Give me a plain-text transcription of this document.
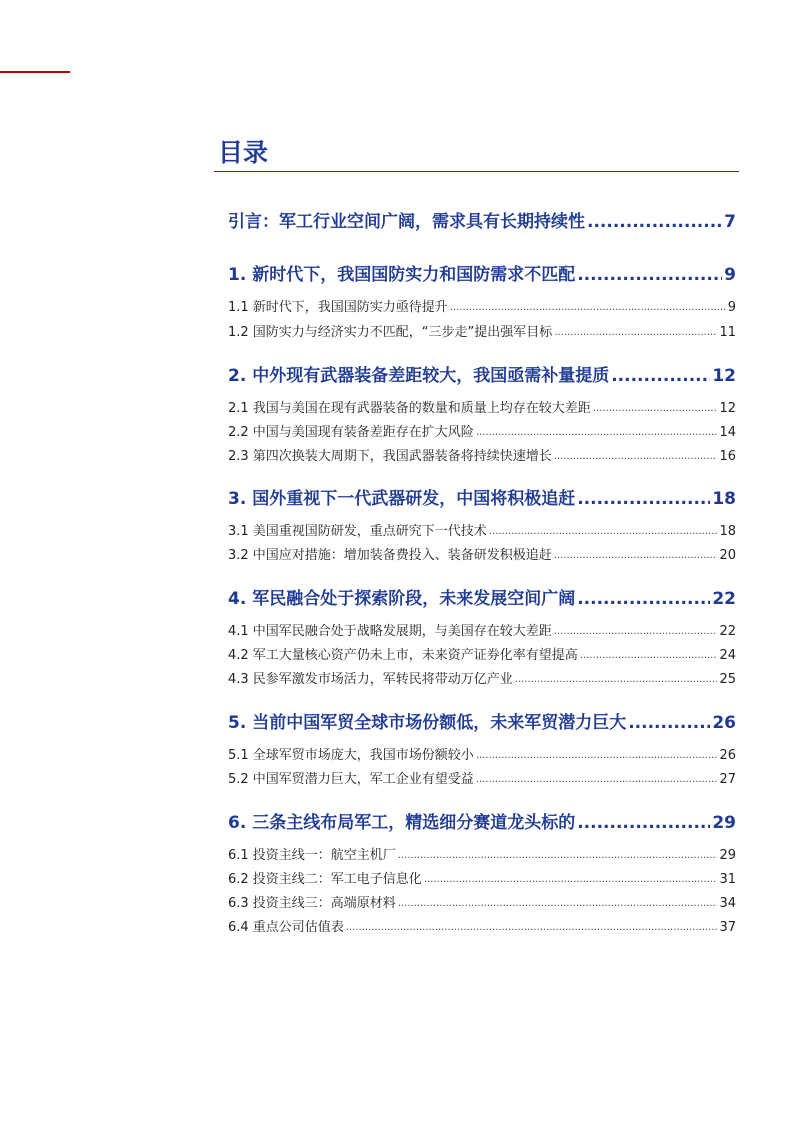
目录
引言：军工行业空间广阔，需求具有长期持续性 .....	7
1. 新时代下，我国国防实力和国防需求不匹配 .....	9
1.1 新时代下，我国国防实力亟待提升 .....	9
1.2 国防实力与经济实力不匹配，“三步走”提出强军目标 .....	11
2. 中外现有武器装备差距较大，我国亟需补量提质 .....	12
2.1 我国与美国在现有武器装备的数量和质量上均存在较大差距 .....	12
2.2 中国与美国现有装备差距存在扩大风险 .....	14
2.3 第四次换装大周期下，我国武器装备将持续快速增长 .....	16
3. 国外重视下一代武器研发，中国将积极追赶 .....	18
3.1 美国重视国防研发，重点研究下一代技术 .....	18
3.2 中国应对措施：增加装备费投入、装备研发积极追赶 .....	20
4. 军民融合处于探索阶段，未来发展空间广阔 .....	22
4.1 中国军民融合处于战略发展期，与美国存在较大差距 .....	22
4.2 军工大量核心资产仍未上市，未来资产证券化率有望提高 .....	24
4.3 民参军激发市场活力，军转民将带动万亿产业 .....	25
5. 当前中国军贸全球市场份额低，未来军贸潜力巨大 .....	26
5.1 全球军贸市场庞大，我国市场份额较小 .....	26
5.2 中国军贸潜力巨大，军工企业有望受益 .....	27
6. 三条主线布局军工，精选细分赛道龙头标的 .....	29
6.1 投资主线一：航空主机厂 .....	29
6.2 投资主线二：军工电子信息化 .....	31
6.3 投资主线三：高端原材料 .....	34
6.4 重点公司估值表 .....	37
